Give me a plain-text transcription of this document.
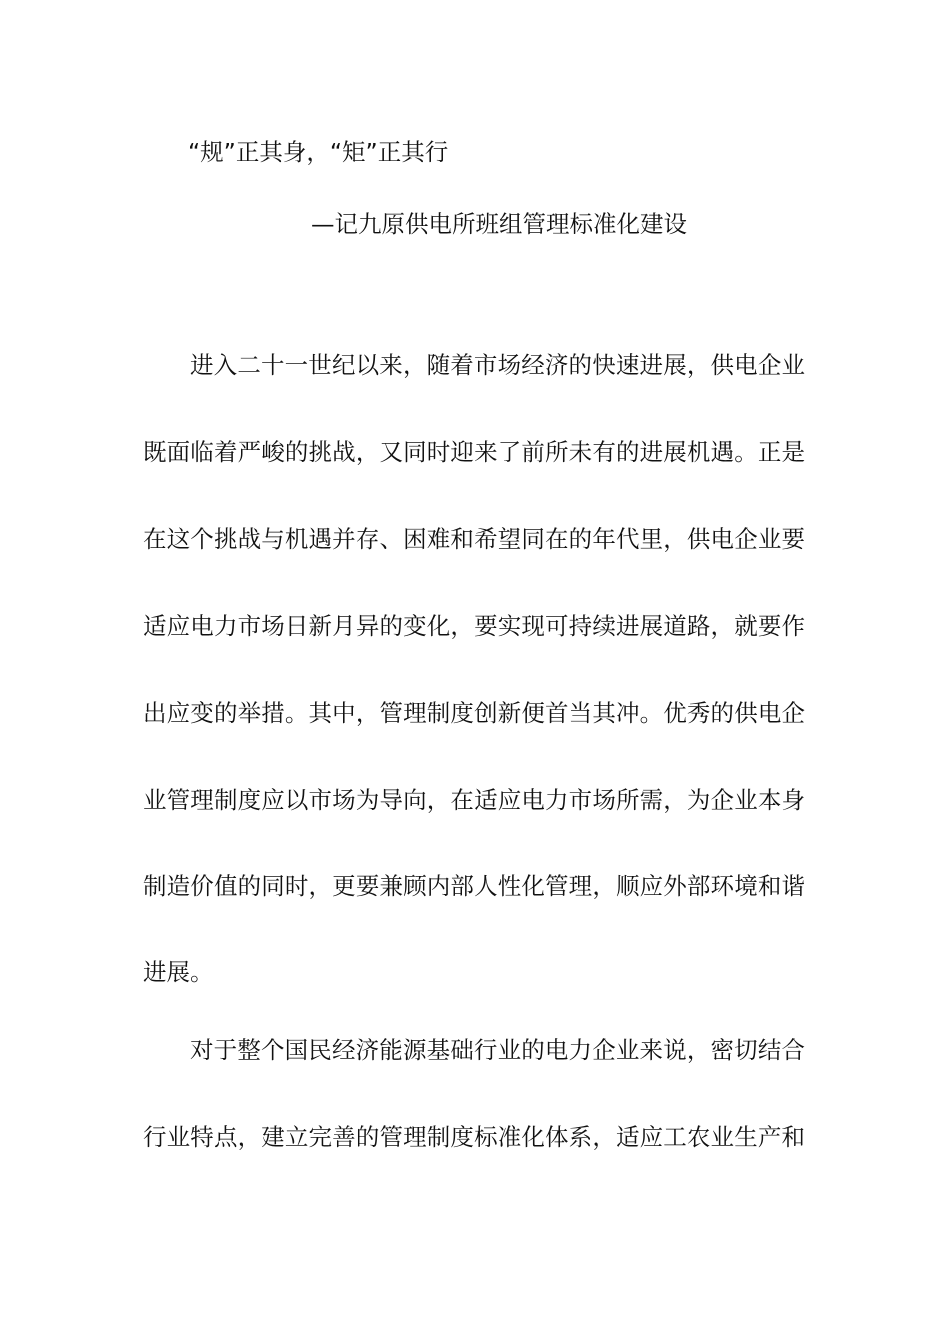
“规”正其身，“矩”正其行
—记九原供电所班组管理标准化建设
进入二十一世纪以来，随着市场经济的快速进展，供电企业
既面临着严峻的挑战，又同时迎来了前所未有的进展机遇。正是
在这个挑战与机遇并存、困难和希望同在的年代里，供电企业要
适应电力市场日新月异的变化，要实现可持续进展道路，就要作
出应变的举措。其中，管理制度创新便首当其冲。优秀的供电企
业管理制度应以市场为导向，在适应电力市场所需，为企业本身
制造价值的同时，更要兼顾内部人性化管理，顺应外部环境和谐
进展。
对于整个国民经济能源基础行业的电力企业来说，密切结合
行业特点，建立完善的管理制度标准化体系，适应工农业生产和
